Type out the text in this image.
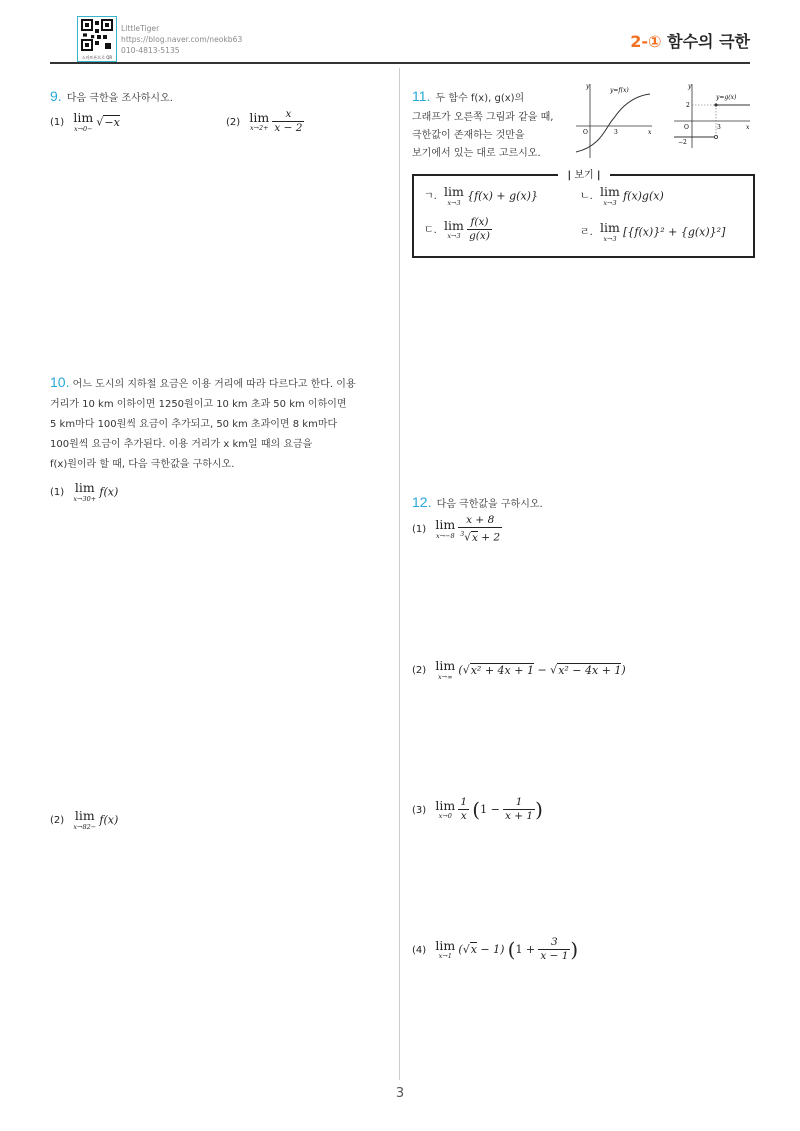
스마트폰으로 QR
LittleTiger
https://blog.naver.com/neokb63
010-4813-5135	2-① 함수의 극한
9. 다음 극한을 조사하시오.
(1) lim
x→0− √−x	(2) lim
x→2+
$\frac{x}{x - 2}$
10. 어느 도시의 지하철 요금은 이용 거리에 따라 다르다고 한다. 이용
거리가 10 km 이하이면 1250원이고 10 km 초과 50 km 이하이면
5 km마다 100원씩 요금이 추가되고, 50 km 초과이면 8 km마다
100원씩 요금이 추가된다. 이용 거리가 x km일 때의 요금을
f(x)원이라 할 때, 다음 극한값을 구하시오.
(1) lim
x→30+ f(x)
(2) lim
x→82− f(x)
11. 두 함수 f(x), g(x)의
그래프가 오른쪽 그림과 같을 때,
극한값이 존재하는 것만을
보기에서 있는 대로 고르시오.
y
x
O	3
y=f(x)
y
x
O
2
−2
3
y=g(x)
| 보기 |
ㄱ. lim
x→3 {f(x) + g(x)}	ㄴ. lim
x→3 f(x)g(x)
ㄷ. lim
x→3
$\frac{f(x)}{g(x)}$	ㄹ. lim
x→3 [{f(x)}² + {g(x)}²]
12. 다음 극한값을 구하시오.
(1) lim
x→−8
$\frac{x + 8}{^3√x + 2}$
(2) lim
x→∞ (√x² + 4x + 1 − √x² − 4x + 1)
(3) lim
x→0
$\frac{1}{x} (1 - \frac{1}{x + 1}$ )
(4) lim
x→1 (√x − 1) ($1 + \frac{3}{x - 1}$ )
3
